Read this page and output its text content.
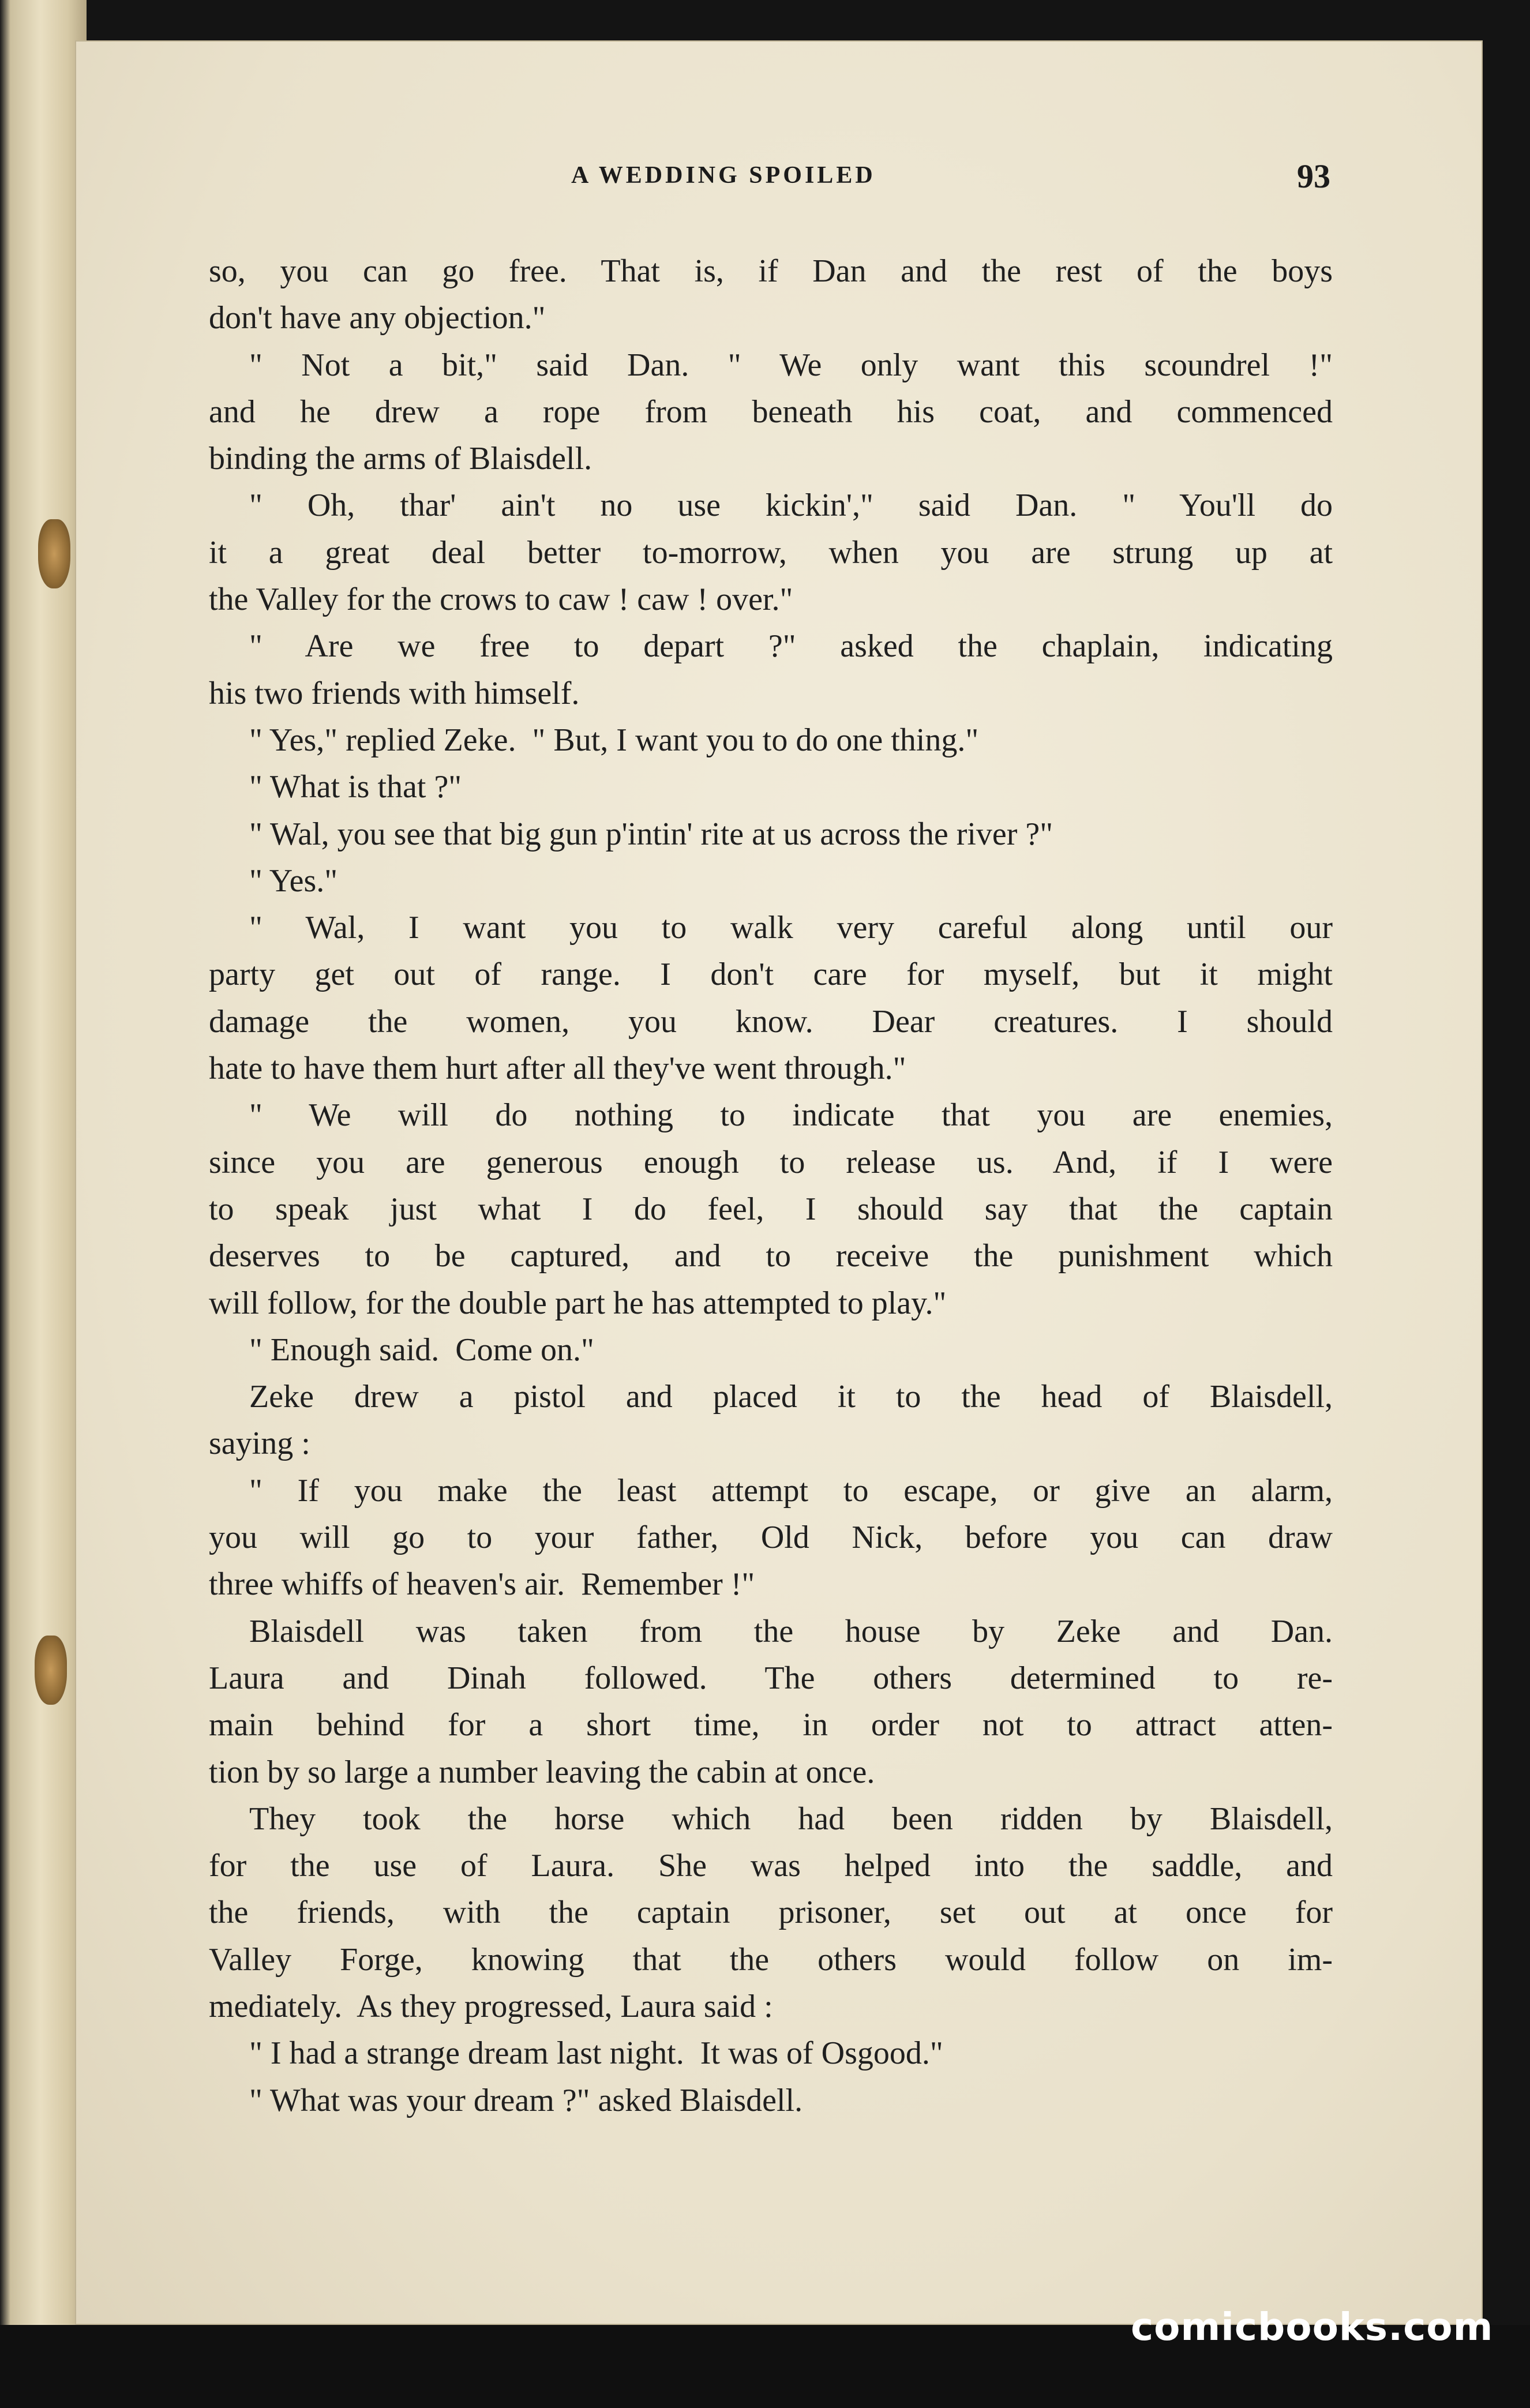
A WEDDING SPOILED	93
so, you can go free. That is, if Dan and the rest of the boys
don't have any objection."
" Not a bit," said Dan. " We only want this scoundrel !"
and he drew a rope from beneath his coat, and commenced
binding the arms of Blaisdell.
" Oh, thar' ain't no use kickin'," said Dan. " You'll do
it a great deal better to-morrow, when you are strung up at
the Valley for the crows to caw ! caw ! over."
" Are we free to depart ?" asked the chaplain, indicating
his two friends with himself.
" Yes," replied Zeke.  " But, I want you to do one thing."
" What is that ?"
" Wal, you see that big gun p'intin' rite at us across the river ?"
" Yes."
" Wal, I want you to walk very careful along until our
party get out of range. I don't care for myself, but it might
damage the women, you know. Dear creatures. I should
hate to have them hurt after all they've went through."
" We will do nothing to indicate that you are enemies,
since you are generous enough to release us. And, if I were
to speak just what I do feel, I should say that the captain
deserves to be captured, and to receive the punishment which
will follow, for the double part he has attempted to play."
" Enough said.  Come on."
Zeke drew a pistol and placed it to the head of Blaisdell,
saying :
" If you make the least attempt to escape, or give an alarm,
you will go to your father, Old Nick, before you can draw
three whiffs of heaven's air.  Remember !"
Blaisdell was taken from the house by Zeke and Dan.
Laura and Dinah followed. The others determined to re-
main behind for a short time, in order not to attract atten-
tion by so large a number leaving the cabin at once.
They took the horse which had been ridden by Blaisdell,
for the use of Laura. She was helped into the saddle, and
the friends, with the captain prisoner, set out at once for
Valley Forge, knowing that the others would follow on im-
mediately.  As they progressed, Laura said :
" I had a strange dream last night.  It was of Osgood."
" What was your dream ?" asked Blaisdell.
comicbooks.com
